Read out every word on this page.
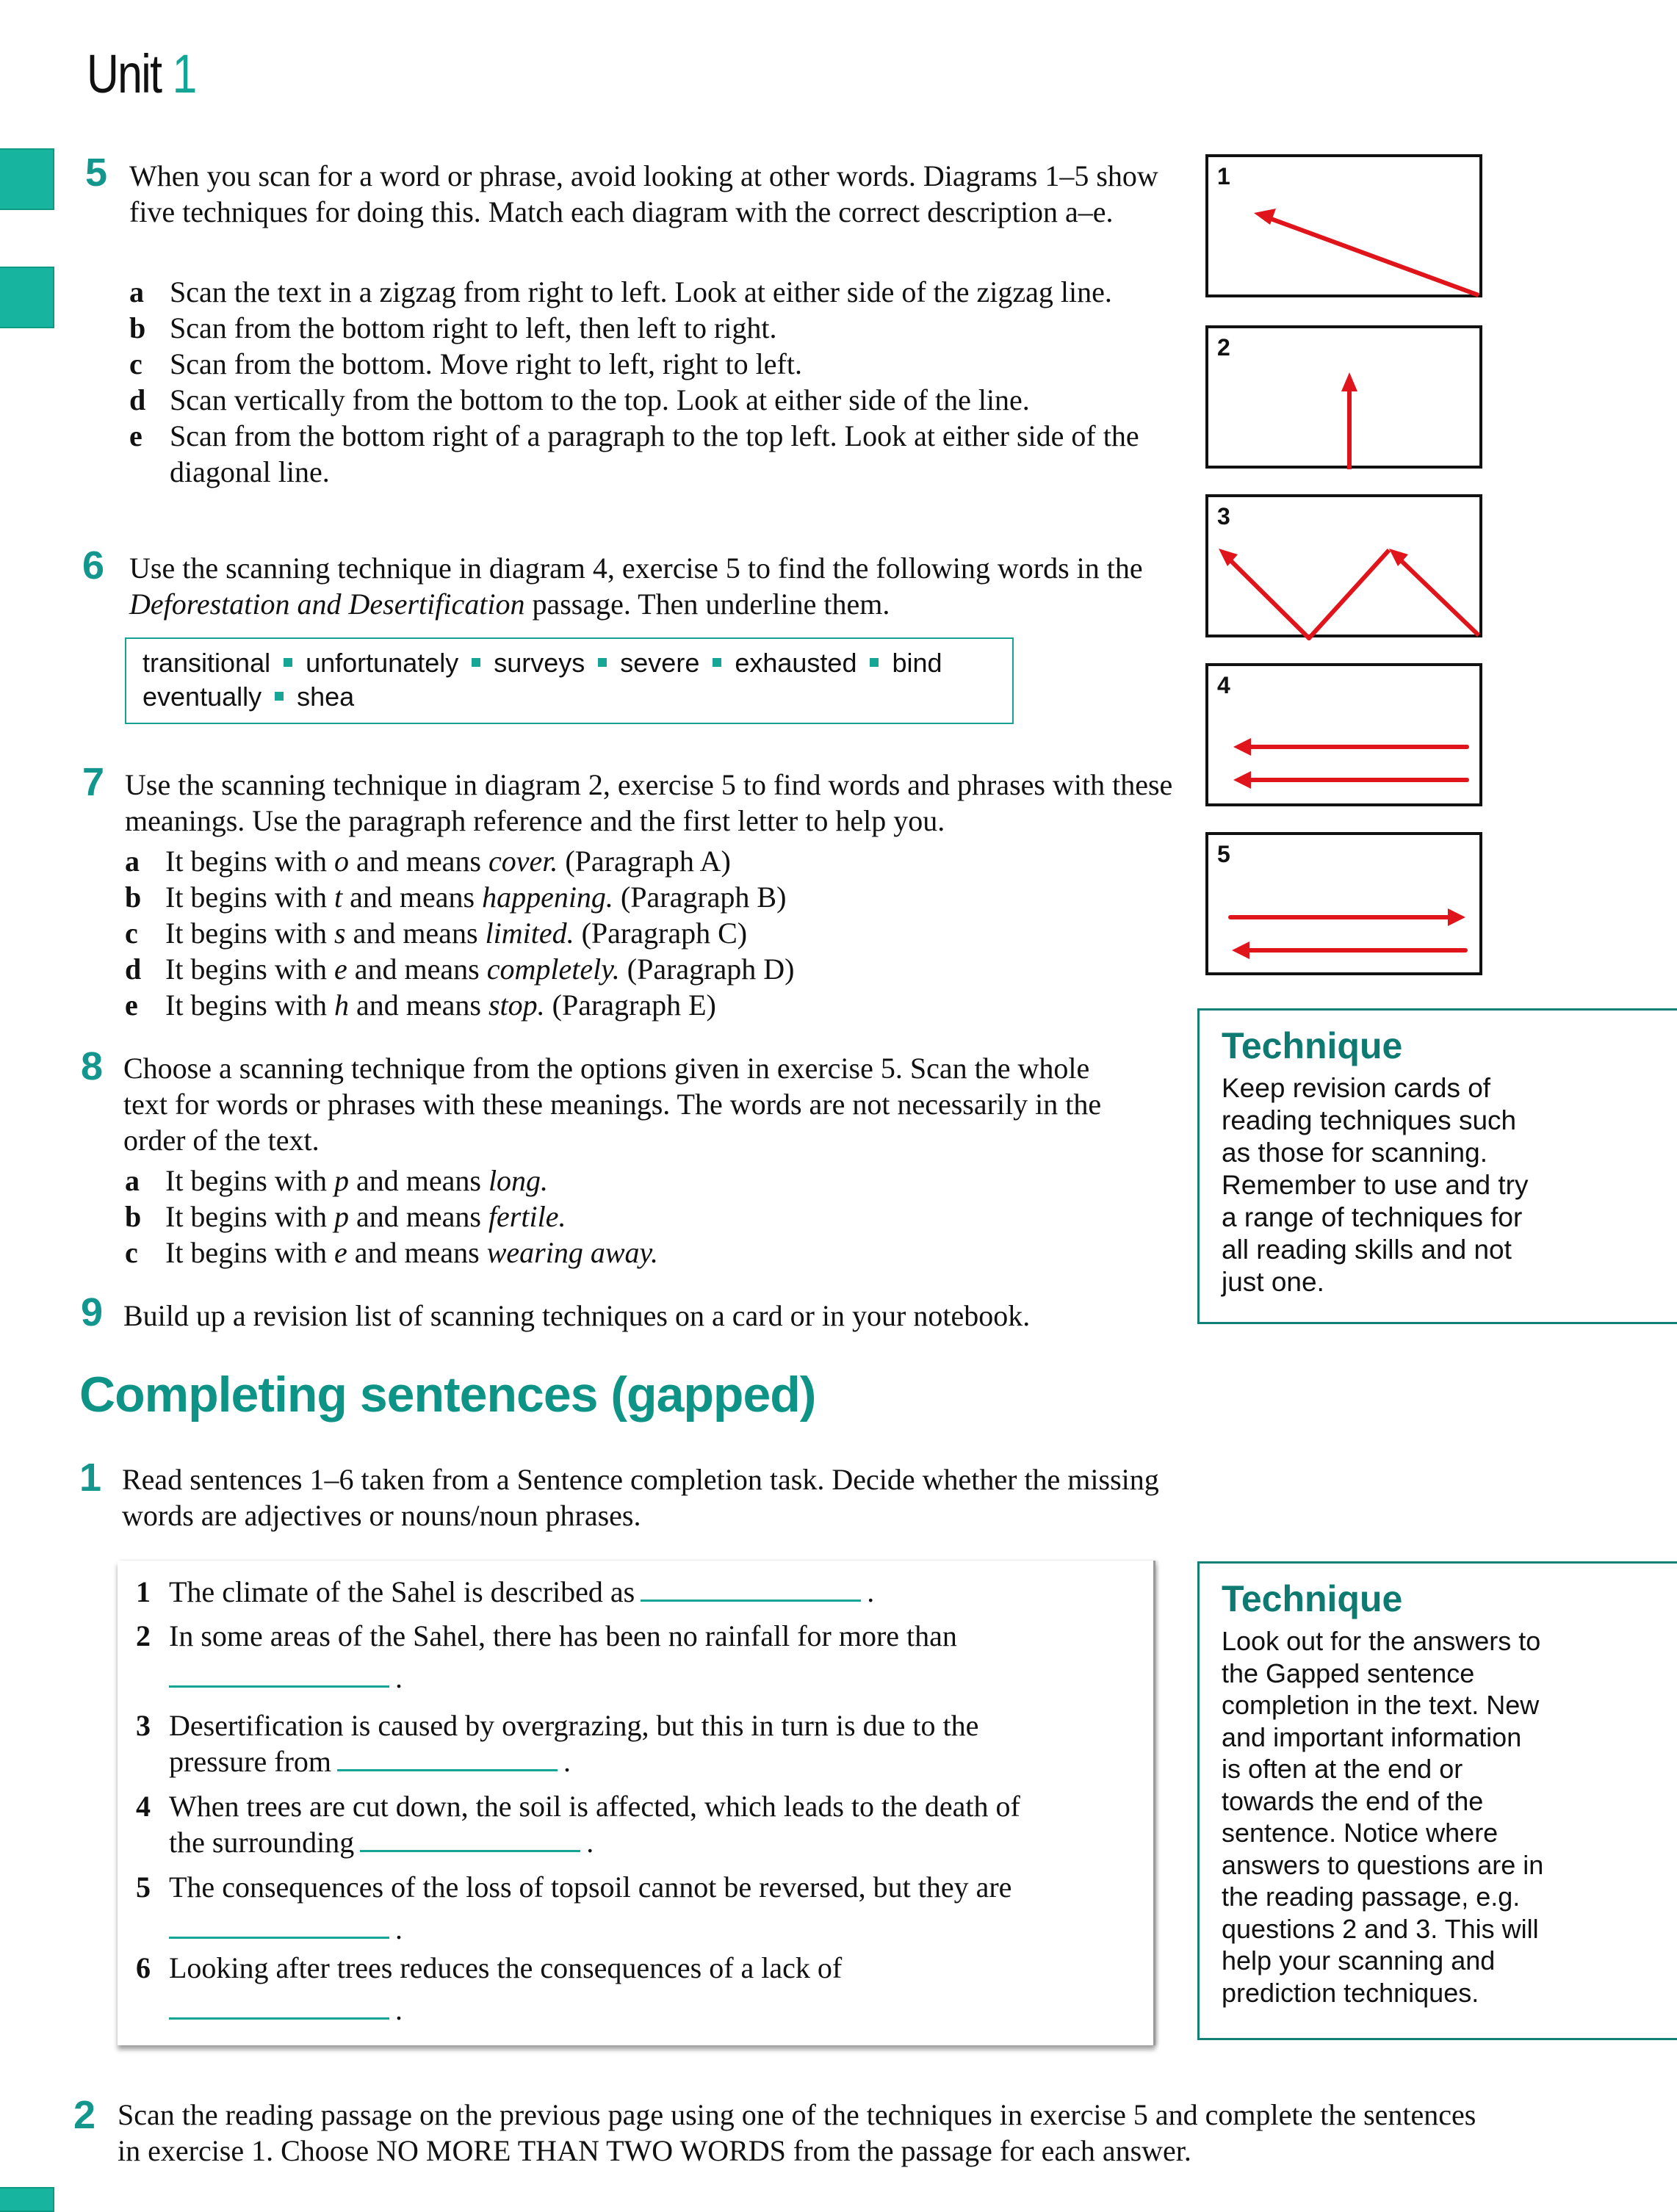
Unit 1
5 When you scan for a word or phrase, avoid looking at other words. Diagrams 1–5 show five techniques for doing this. Match each diagram with the correct description a–e.
a Scan the text in a zigzag from right to left. Look at either side of the zigzag line.
b Scan from the bottom right to left, then left to right.
c Scan from the bottom. Move right to left, right to left.
d Scan vertically from the bottom to the top. Look at either side of the line.
e Scan from the bottom right of a paragraph to the top left. Look at either side of the diagonal line.
1
2
3
4
5
6 Use the scanning technique in diagram 4, exercise 5 to find the following words in the Deforestation and Desertification passage. Then underline them.
transitional unfortunately surveys severe exhausted bind
eventually shea
7 Use the scanning technique in diagram 2, exercise 5 to find words and phrases with these meanings. Use the paragraph reference and the first letter to help you.
a It begins with o and means cover. (Paragraph A)
b It begins with t and means happening. (Paragraph B)
c It begins with s and means limited. (Paragraph C)
d It begins with e and means completely. (Paragraph D)
e It begins with h and means stop. (Paragraph E)
8 Choose a scanning technique from the options given in exercise 5. Scan the whole text for words or phrases with these meanings. The words are not necessarily in the order of the text.
a It begins with p and means long.
b It begins with p and means fertile.
c It begins with e and means wearing away.
9 Build up a revision list of scanning techniques on a card or in your notebook.
Technique

Keep revision cards of reading techniques such as those for scanning. Remember to use and try a range of techniques for all reading skills and not just one.

Completing sentences (gapped)
1 Read sentences 1–6 taken from a Sentence completion task. Decide whether the missing words are adjectives or nouns/noun phrases.
1 The climate of the Sahel is described as	.
2 In some areas of the Sahel, there has been no rainfall for more than
.
3 Desertification is caused by overgrazing, but this in turn is due to the
pressure from	.
4 When trees are cut down, the soil is affected, which leads to the death of
the surrounding	.
5 The consequences of the loss of topsoil cannot be reversed, but they are
.
6 Looking after trees reduces the consequences of a lack of
.
Technique

Look out for the answers to the Gapped sentence completion in the text. New and important information is often at the end or towards the end of the sentence. Notice where answers to questions are in the reading passage, e.g. questions 2 and 3. This will help your scanning and prediction techniques.

2 Scan the reading passage on the previous page using one of the techniques in exercise 5 and complete the sentences in exercise 1. Choose NO MORE THAN TWO WORDS from the passage for each answer.
